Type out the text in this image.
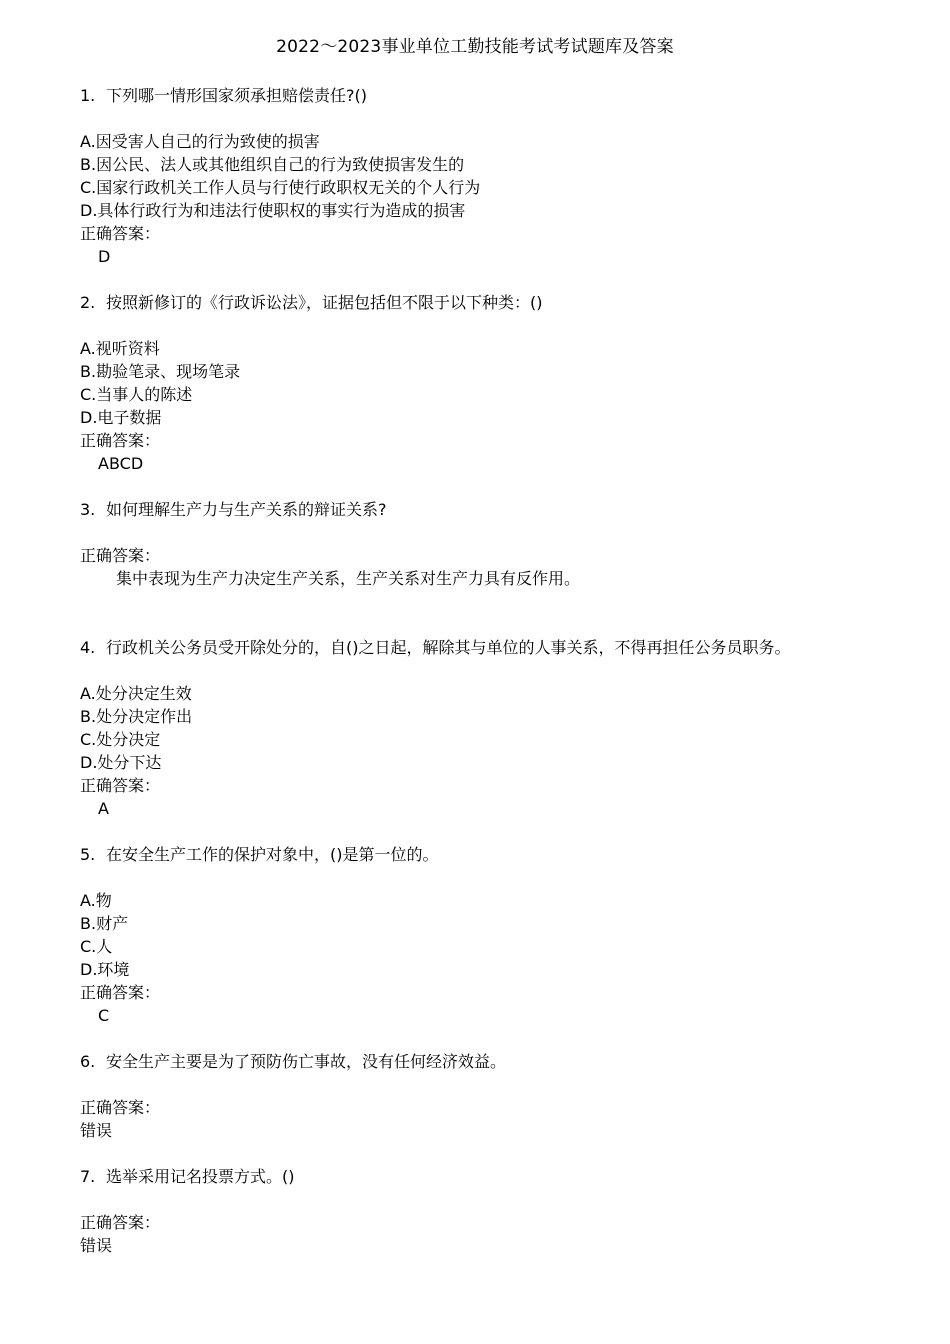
2022～2023事业单位工勤技能考试考试题库及答案

1. 下列哪一情形国家须承担赔偿责任?()

A.因受害人自己的行为致使的损害

B.因公民、法人或其他组织自己的行为致使损害发生的

C.国家行政机关工作人员与行使行政职权无关的个人行为

D.具体行政行为和违法行使职权的事实行为造成的损害

正确答案：

D

2. 按照新修订的《行政诉讼法》，证据包括但不限于以下种类：()

A.视听资料

B.勘验笔录、现场笔录

C.当事人的陈述

D.电子数据

正确答案：

ABCD

3. 如何理解生产力与生产关系的辩证关系?

正确答案：

集中表现为生产力决定生产关系，生产关系对生产力具有反作用。

4. 行政机关公务员受开除处分的，自()之日起，解除其与单位的人事关系，不得再担任公务员职务。

A.处分决定生效

B.处分决定作出

C.处分决定

D.处分下达

正确答案：

A

5. 在安全生产工作的保护对象中，()是第一位的。

A.物

B.财产

C.人

D.环境

正确答案：

C

6. 安全生产主要是为了预防伤亡事故，没有任何经济效益。

正确答案：

错误

7. 选举采用记名投票方式。()

正确答案：

错误
